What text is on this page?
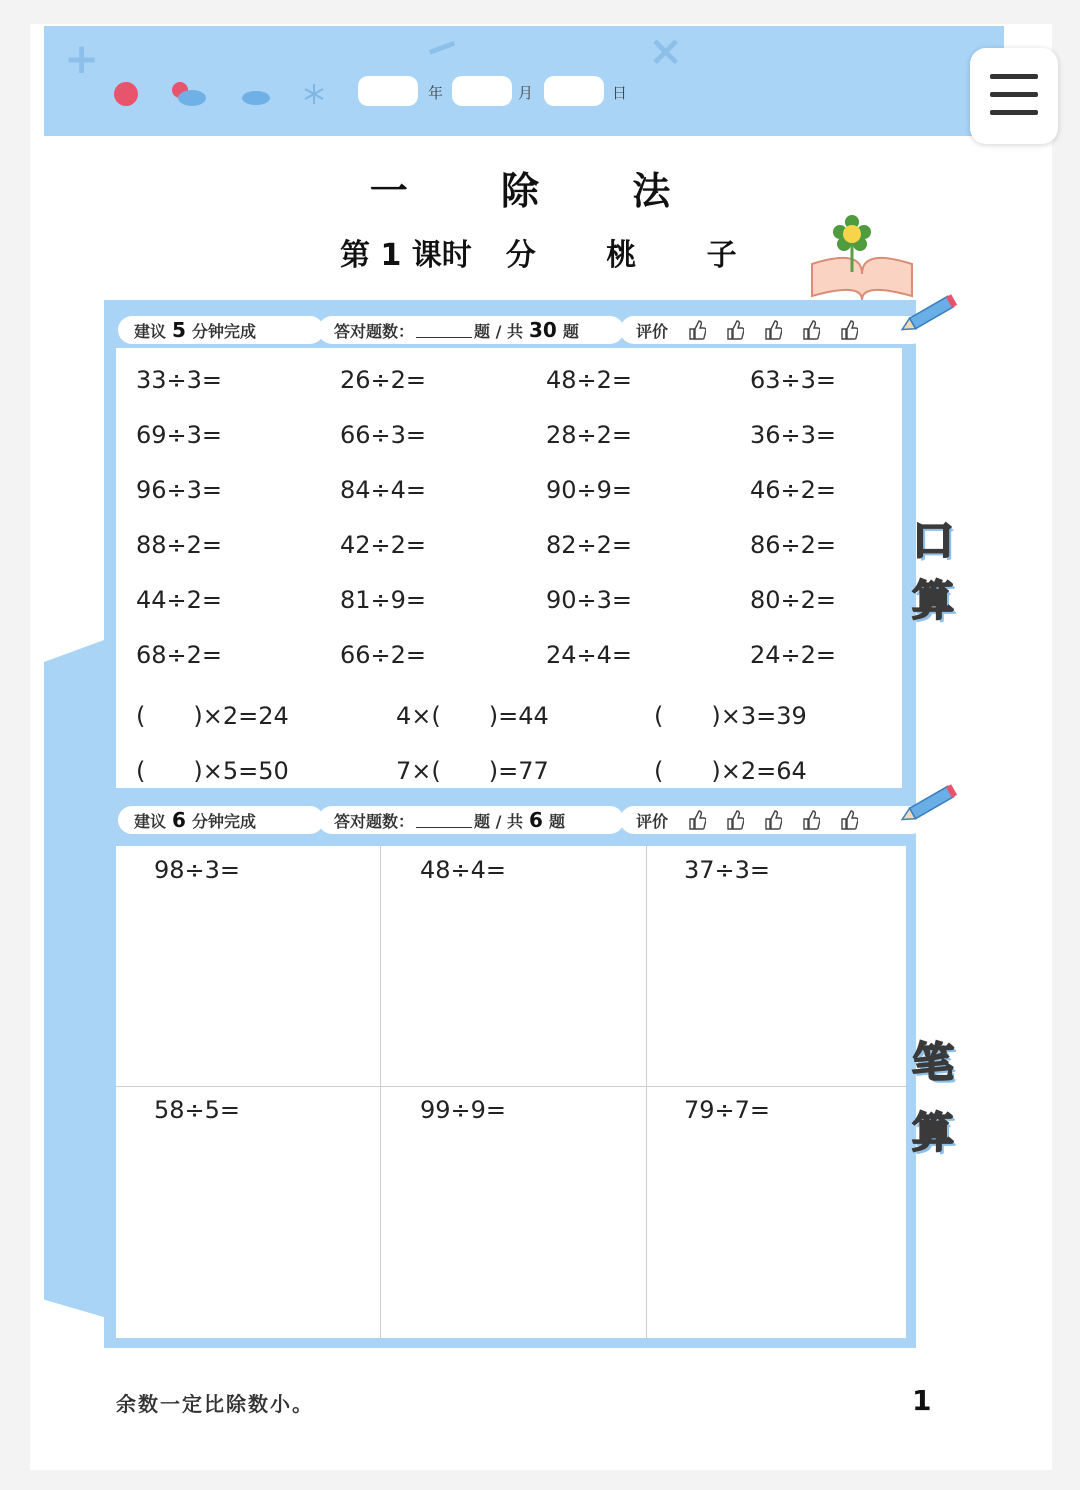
+	−	×
年	月	日
一 除 法
第 1 课时 分 桃 子
建议 5 分钟完成	答对题数：	题 / 共 30 题	评价
33÷3=	26÷2=	48÷2=	63÷3=
69÷3=	66÷3=	28÷2=	36÷3=
96÷3=	84÷4=	90÷9=	46÷2=
88÷2=	42÷2=	82÷2=	86÷2=
44÷2=	81÷9=	90÷3=	80÷2=
68÷2=	66÷2=	24÷4=	24÷2=
(　　)×2=24	4×(　　)=44	(　　)×3=39
(　　)×5=50	7×(　　)=77	(　　)×2=64
口
算
建议 6 分钟完成	答对题数：	题 / 共 6 题	评价
98÷3=	48÷4=	37÷3=
58÷5=	99÷9=	79÷7=
笔
算
余数一定比除数小。	1
